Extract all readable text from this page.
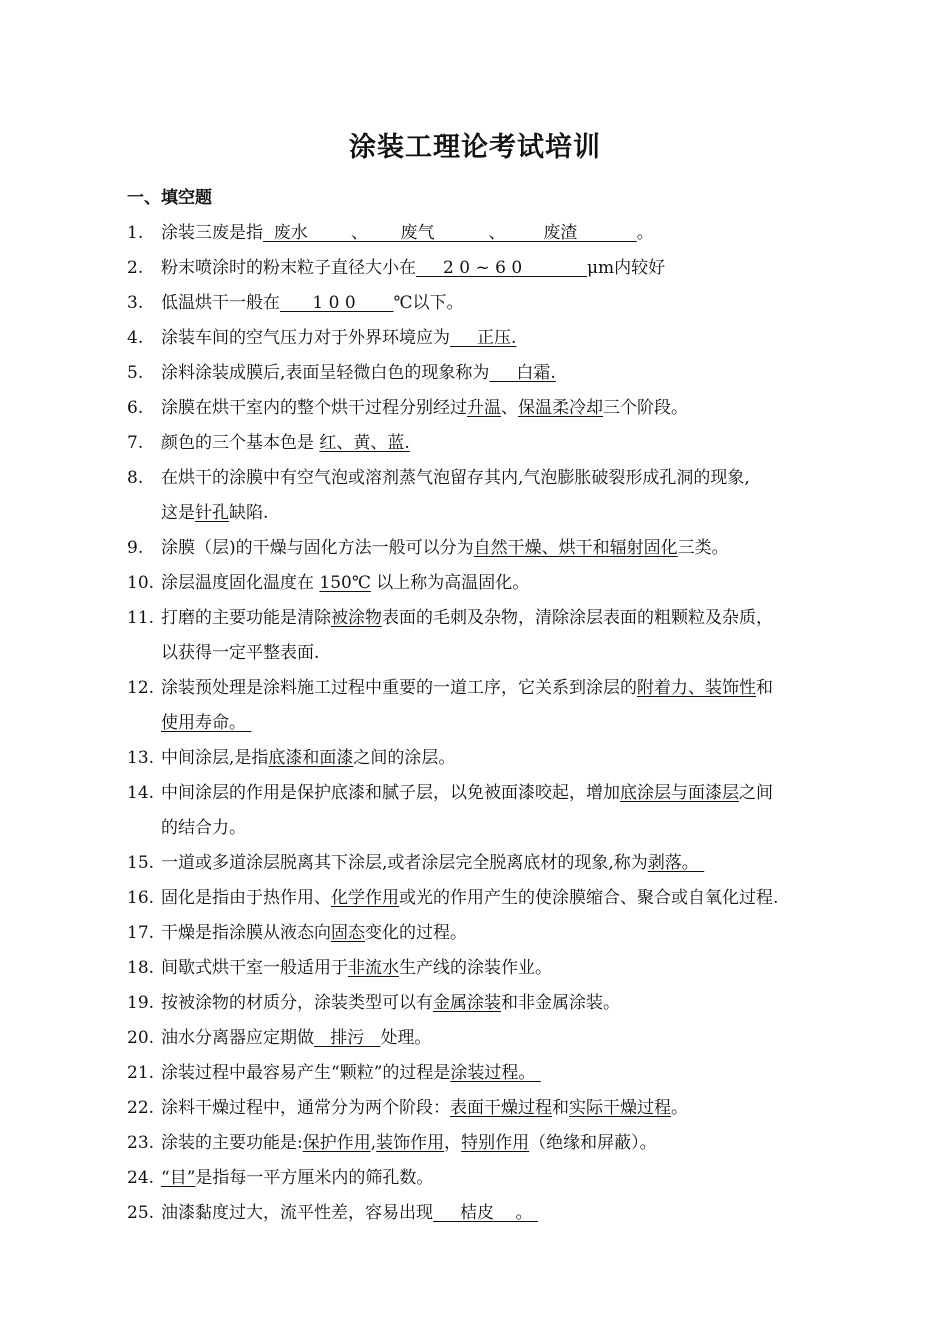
涂装工理论考试培训
一、填空题
1.	涂装三废是指  废水        、      废气          、       废渣           。
2.	粉末喷涂时的粉末粒子直径大小在     2 0 ~ 6 0            μm内较好
3.	低温烘干一般在      1 0 0       ℃以下。
4.	涂装车间的空气压力对于外界环境应为     正压.
5.	涂料涂装成膜后,表面呈轻微白色的现象称为     白霜.
6.	涂膜在烘干室内的整个烘干过程分别经过升温、保温柔冷却三个阶段。
7.	颜色的三个基本色是 红、黄、蓝.
8.	在烘干的涂膜中有空气泡或溶剂蒸气泡留存其内,气泡膨胀破裂形成孔洞的现象,
这是针孔缺陷.
9.	涂膜（层)的干燥与固化方法一般可以分为自然干燥、烘干和辐射固化三类。
10. 涂层温度固化温度在 150℃ 以上称为高温固化。
11. 打磨的主要功能是清除被涂物表面的毛刺及杂物，清除涂层表面的粗颗粒及杂质，
以获得一定平整表面.
12. 涂装预处理是涂料施工过程中重要的一道工序，它关系到涂层的附着力、装饰性和
使用寿命。
13. 中间涂层,是指底漆和面漆之间的涂层。
14. 中间涂层的作用是保护底漆和腻子层，以免被面漆咬起，增加底涂层与面漆层之间
的结合力。
15. 一道或多道涂层脱离其下涂层,或者涂层完全脱离底材的现象,称为剥落。
16. 固化是指由于热作用、化学作用或光的作用产生的使涂膜缩合、聚合或自氧化过程.
17. 干燥是指涂膜从液态向固态变化的过程。
18. 间歇式烘干室一般适用于非流水生产线的涂装作业。
19. 按被涂物的材质分，涂装类型可以有金属涂装和非金属涂装。
20. 油水分离器应定期做   排污   处理。
21. 涂装过程中最容易产生“颗粒”的过程是涂装过程。
22. 涂料干燥过程中，通常分为两个阶段：表面干燥过程和实际干燥过程。
23. 涂装的主要功能是:保护作用,装饰作用，特别作用（绝缘和屏蔽）。
24. “目”是指每一平方厘米内的筛孔数。
25. 油漆黏度过大，流平性差，容易出现     桔皮    。
